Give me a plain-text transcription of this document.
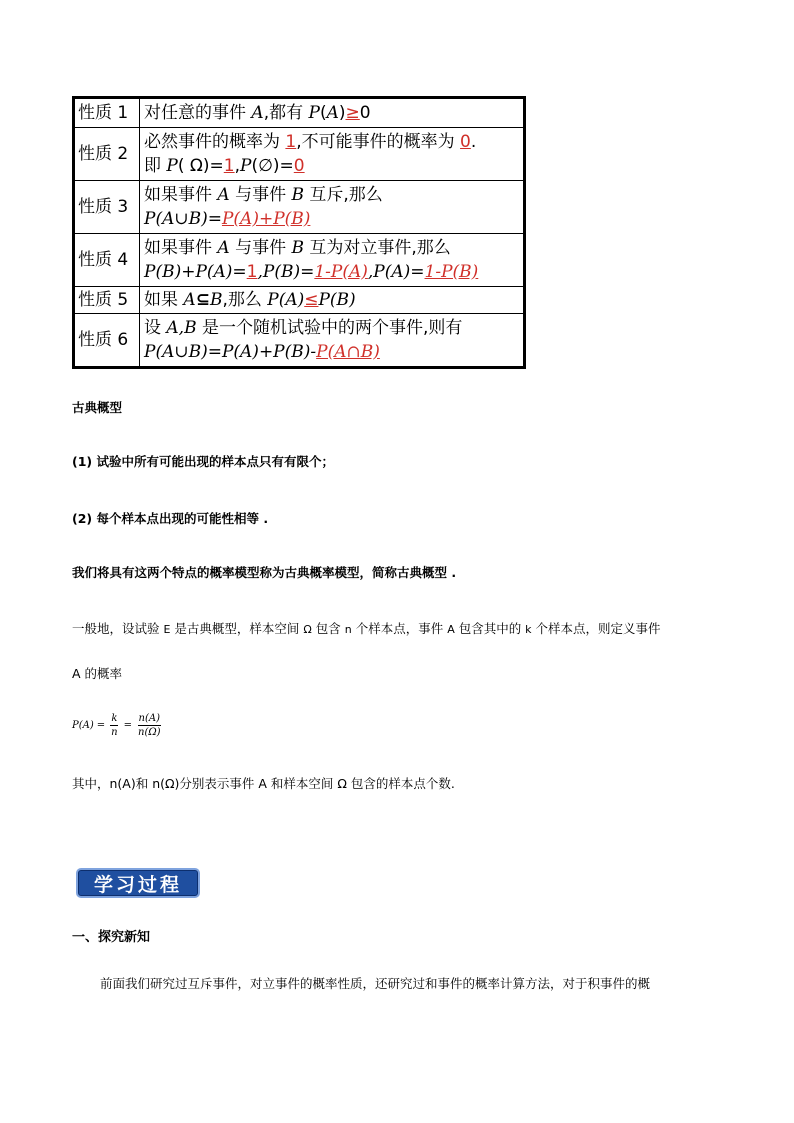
性质 1	对任意的事件 A,都有 P(A)≥0

性质 2	必然事件的概率为 1,不可能事件的概率为 0.
即 P( Ω)=1,P(∅)=0

性质 3	如果事件 A 与事件 B 互斥,那么
P(A∪B)=P(A)+P(B)

性质 4	如果事件 A 与事件 B 互为对立事件,那么
P(B)+P(A)=1,P(B)=1-P(A),P(A)=1-P(B)

性质 5	如果 A⊆B,那么 P(A)≤P(B)

性质 6	设 A,B 是一个随机试验中的两个事件,则有
P(A∪B)=P(A)+P(B)-P(A∩B)
古典概型
(1) 试验中所有可能出现的样本点只有有限个；
(2) 每个样本点出现的可能性相等 .
我们将具有这两个特点的概率模型称为古典概率模型，简称古典概型 .
一般地，设试验 E 是古典概型，样本空间 Ω 包含 n 个样本点，事件 A 包含其中的 k 个样本点，则定义事件
A 的概率
$P(A) = \frac{k}{n} = \frac{n(A)}{n(\Omega)}$
其中，n(A)和 n(Ω)分别表示事件 A 和样本空间 Ω 包含的样本点个数.
学习过程
一、探究新知
前面我们研究过互斥事件，对立事件的概率性质，还研究过和事件的概率计算方法，对于积事件的概
